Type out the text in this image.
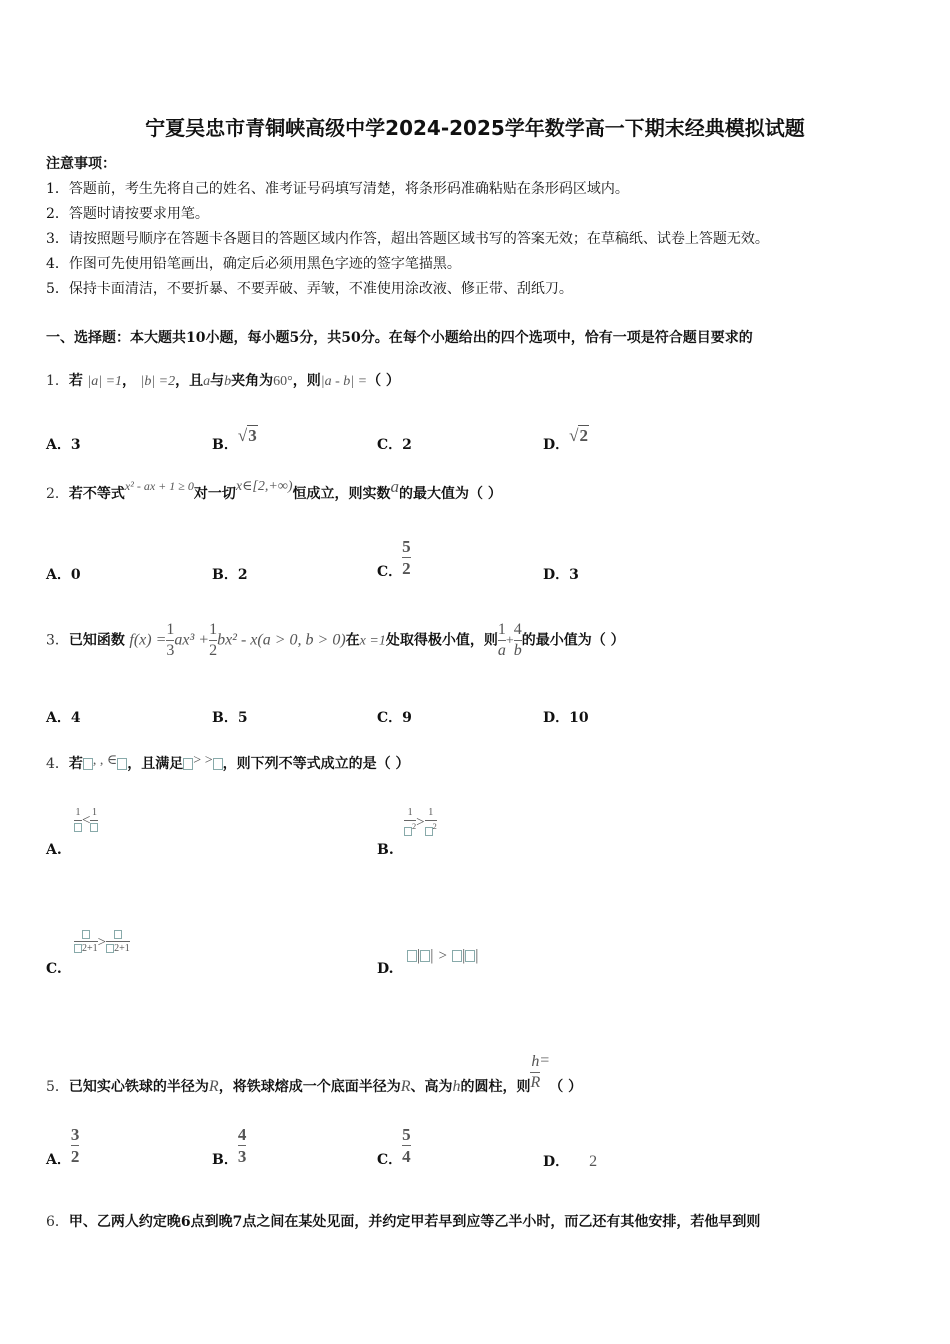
宁夏吴忠市青铜峡高级中学2024-2025学年数学高一下期末经典模拟试题
注意事项：
1．答题前，考生先将自己的姓名、准考证号码填写清楚，将条形码准确粘贴在条形码区域内。
2．答题时请按要求用笔。
3．请按照题号顺序在答题卡各题目的答题区域内作答，超出答题区域书写的答案无效；在草稿纸、试卷上答题无效。
4．作图可先使用铅笔画出，确定后必须用黑色字迹的签字笔描黑。
5．保持卡面清洁，不要折暴、不要弄破、弄皱，不准使用涂改液、修正带、刮纸刀。
一、选择题：本大题共10小题，每小题5分，共50分。在每个小题给出的四个选项中，恰有一项是符合题目要求的
1．若 |a| =1， |b| =2，且a与b夹角为60°，则|a - b| =（ ）
A．3	B．√3	C．2	D．√2
2．若不等式x² - ax + 1 ≥ 0对一切x∈[2,+∞)恒成立，则实数a的最大值为（ ）
A．0	B．2	C． $\frac{5}{2}$	D．3
3．已知函数 $f(x) = \frac{1}{3} ax^3 + \frac{1}{2} bx^2 - x(a > 0$, b > 0)在x =1处取得极小值，则 $\frac{1}{a} + \frac{4}{b}$ 的最小值为（ ）
A．4	B．5	C．9	D．10
4．若 , , ∈ ，且满足 > > ，则下列不等式成立的是（ ）
1 < 1
A.
$\frac{1}{^2} > \frac{1}{^2}$
B.
2+1 > 2+1
C.
| | > | |
D.
5．已知实心铁球的半径为R，将铁球熔成一个底面半径为R、高为h的圆柱，则 $\frac{h}{R}$ =（ ）
A． $\frac{3}{2}$	B． $\frac{4}{3}$	C． $\frac{5}{4}$	D． 2
6．甲、乙两人约定晚6点到晚7点之间在某处见面，并约定甲若早到应等乙半小时，而乙还有其他安排，若他早到则
